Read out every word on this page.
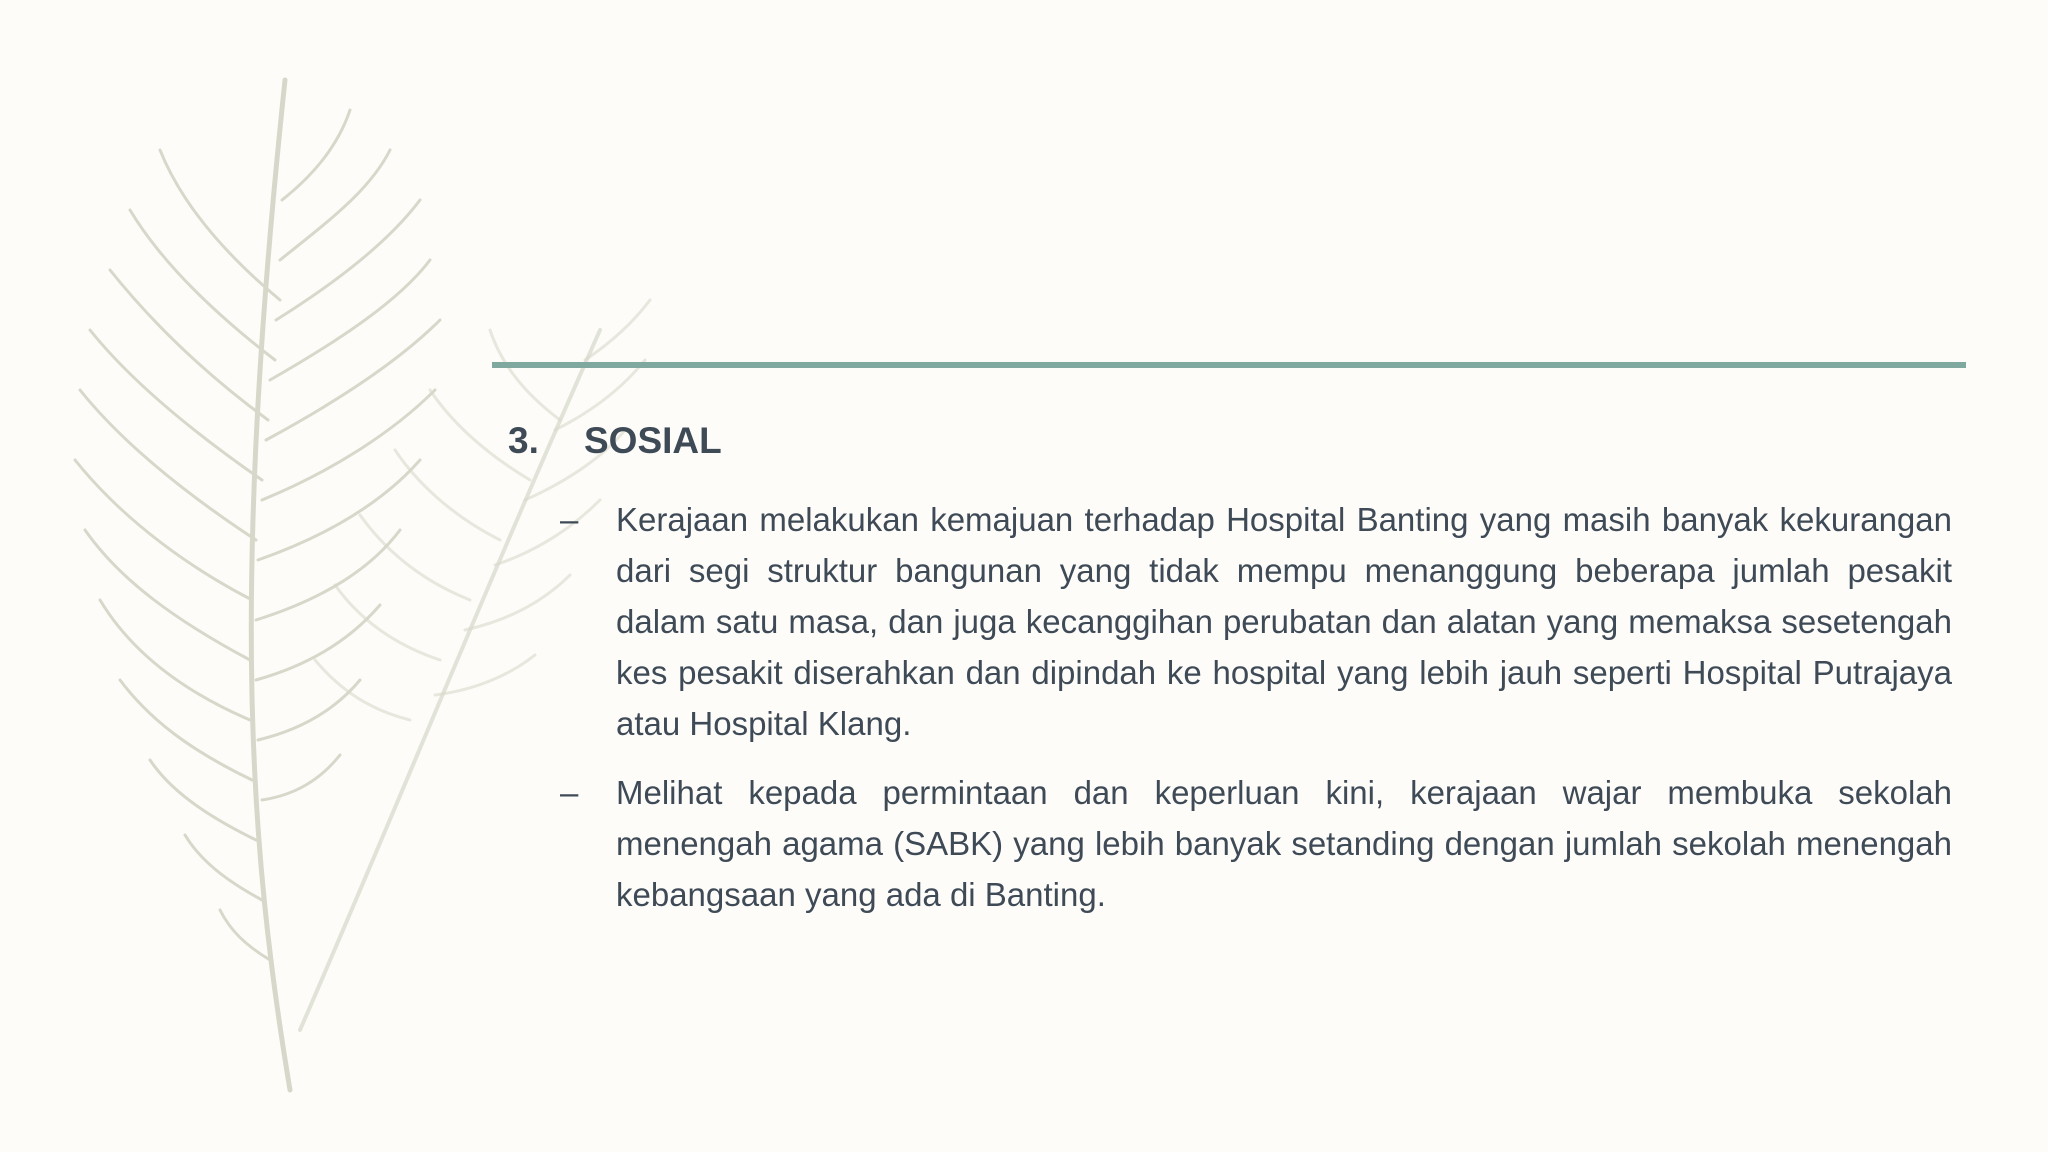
3.	SOSIAL
–	Kerajaan melakukan kemajuan terhadap Hospital Banting yang masih banyak kekurangan dari segi struktur bangunan yang tidak mempu menanggung beberapa jumlah pesakit dalam satu masa, dan juga kecanggihan perubatan dan alatan yang memaksa sesetengah kes pesakit diserahkan dan dipindah ke hospital yang lebih jauh seperti Hospital Putrajaya atau Hospital Klang.
–	Melihat kepada permintaan dan keperluan kini, kerajaan wajar membuka sekolah menengah agama (SABK) yang lebih banyak setanding dengan jumlah sekolah menengah kebangsaan yang ada di Banting.
